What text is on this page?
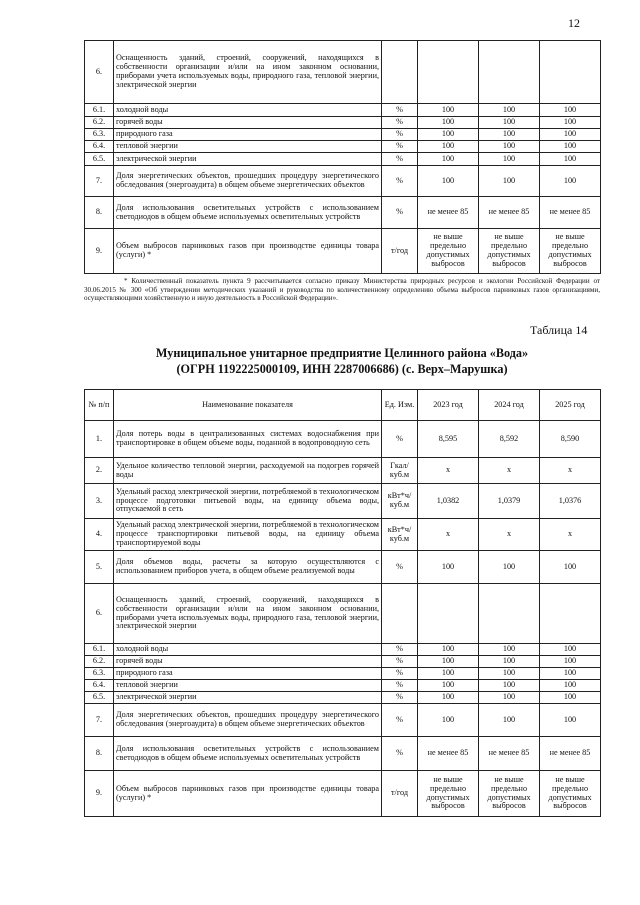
12
6.	Оснащенность зданий, строений, сооружений, находящихся в собственности организации и/или на ином законном основании, приборами учета используемых воды, природного газа, тепловой энергии, электрической энергии				
6.1.	холодной воды	%	100	100	100
6.2.	горячей воды	%	100	100	100
6.3.	природного газа	%	100	100	100
6.4.	тепловой энергии	%	100	100	100
6.5.	электрической энергии	%	100	100	100
7.	Доля энергетических объектов, прошедших процедуру энергетического обследования (энергоаудита) в общем объеме энергетических объектов	%	100	100	100
8.	Доля использования осветительных устройств с использованием светодиодов в общем объеме используемых осветительных устройств	%	не менее 85	не менее 85	не менее 85
9.	Объем выбросов парниковых газов при производстве единицы товара (услуги) *	т/год	не выше предельно допустимых выбросов	не выше предельно допустимых выбросов	не выше предельно допустимых выбросов
* Количественный показатель пункта 9 рассчитывается согласно приказу Министерства природных ресурсов и экологии Российской Федерации от 30.06.2015 № 300 «Об утверждении методических указаний и руководства по количественному определению объема выбросов парниковых газов организациями, осуществляющими хозяйственную и иную деятельность в Российской Федерации».
Таблица 14
Муниципальное унитарное предприятие Целинного района «Вода»
(ОГРН 1192225000109, ИНН 2287006686) (с. Верх–Марушка)
№ п/п	Наименование показателя	Ед. Изм.	2023 год	2024 год	2025 год
1.	Доля потерь воды в централизованных системах водоснабжения при транспортировке в общем объеме воды, поданной в водопроводную сеть	%	8,595	8,592	8,590
2.	Удельное количество тепловой энергии, расходуемой на подогрев горячей воды	Гкал/ куб.м	х	х	х
3.	Удельный расход электрической энергии, потребляемой в технологическом процессе подготовки питьевой воды, на единицу объема воды, отпускаемой в сеть	кВт*ч/ куб.м	1,0382	1,0379	1,0376
4.	Удельный расход электрической энергии, потребляемой в технологическом процессе транспортировки питьевой воды, на единицу объема транспортируемой воды	кВт*ч/ куб.м	х	х	х
5.	Доля объемов воды, расчеты за которую осуществляются с использованием приборов учета, в общем объеме реализуемой воды	%	100	100	100
6.	Оснащенность зданий, строений, сооружений, находящихся в собственности организации и/или на ином законном основании, приборами учета используемых воды, природного газа, тепловой энергии, электрической энергии				
6.1.	холодной воды	%	100	100	100
6.2.	горячей воды	%	100	100	100
6.3.	природного газа	%	100	100	100
6.4.	тепловой энергии	%	100	100	100
6.5.	электрической энергии	%	100	100	100
7.	Доля энергетических объектов, прошедших процедуру энергетического обследования (энергоаудита) в общем объеме энергетических объектов	%	100	100	100
8.	Доля использования осветительных устройств с использованием светодиодов в общем объеме используемых осветительных устройств	%	не менее 85	не менее 85	не менее 85
9.	Объем выбросов парниковых газов при производстве единицы товара (услуги) *	т/год	не выше предельно допустимых выбросов	не выше предельно допустимых выбросов	не выше предельно допустимых выбросов
